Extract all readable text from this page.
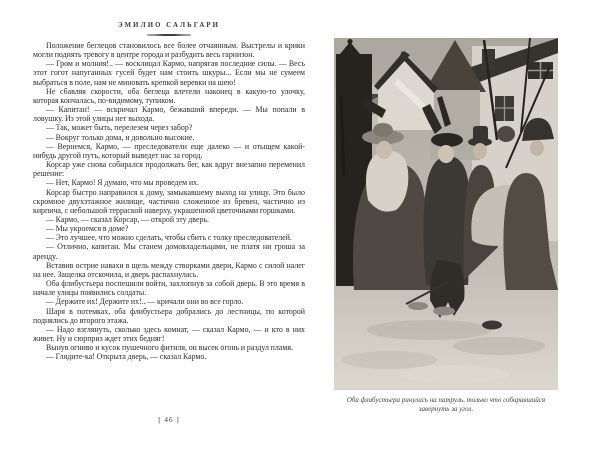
ЭМИЛИО САЛЬГАРИ

Положение беглецов становилось все более отчаянным. Выстрелы и крики могли поднять тревогу в центре города и разбудить весь гарнизон.

— Гром и молния!.. — восклицал Кармо, напрягая последние силы. — Весь этот гогот напуганных гусей будет нам стоить шкуры... Если мы не сумеем выбраться в поле, нам не миновать крепкой веревки на шею!

Не сбавляя скорости, оба беглеца влетели наконец в какую-то улочку, которая кончалась, по-видимому, тупиком.

— Капитан! — вскричал Кармо, бежавший впереди. — Мы попали в ловушку. Из этой улицы нет выхода.

— Так, может быть, перелезем через забор?

— Вокруг только дома, и довольно высокие.

— Вернемся, Кармо, — преследователи еще далеко — и отыщем какой-нибудь другой путь, который выведет нас за город.

Корсар уже снова собирался продолжать бег, как вдруг внезапно переменил решение:

— Нет, Кармо! Я думаю, что мы проведем их.

Корсар быстро направился к дому, замыкавшему выход на улицу. Это было скромное двухэтажное жилище, частично сложенное из бревен, частично из кирпича, с небольшой терраской наверху, украшенной цветочными горшками.

— Кармо, — сказал Корсар, — открой эту дверь.

— Мы укроемся в доме?

— Это лучшее, что можно сделать, чтобы сбить с толку преследователей.

— Отлично, капитан. Мы станем домовладельцами, не платя ни гроша за аренду.

Вставив острие навахи в щель между створками двери, Кармо с силой налег на нее. Защелка отскочила, и дверь распахнулась.

Оба флибустьера поспешили войти, захлопнув за собой дверь. В это время в начале улицы появились солдаты.

— Держите их! Держите их!.. — кричали они во все горло.

Шаря в потемках, оба флибустьера добрались до лестницы, по которой поднялись до второго этажа.

— Надо взглянуть, сколько здесь комнат, — сказал Кармо, — и кто в них живет. Ну и сюрприз ждет этих бедняг!

Вынув огниво и кусок пушечного фитиля, он высек огонь и раздул пламя.

— Глядите-ка! Открыта дверь, — сказал Кармо.

[ 46 ]
Оба флибустьера ринулись на патруль, только что собиравшийся завернуть за угол.
